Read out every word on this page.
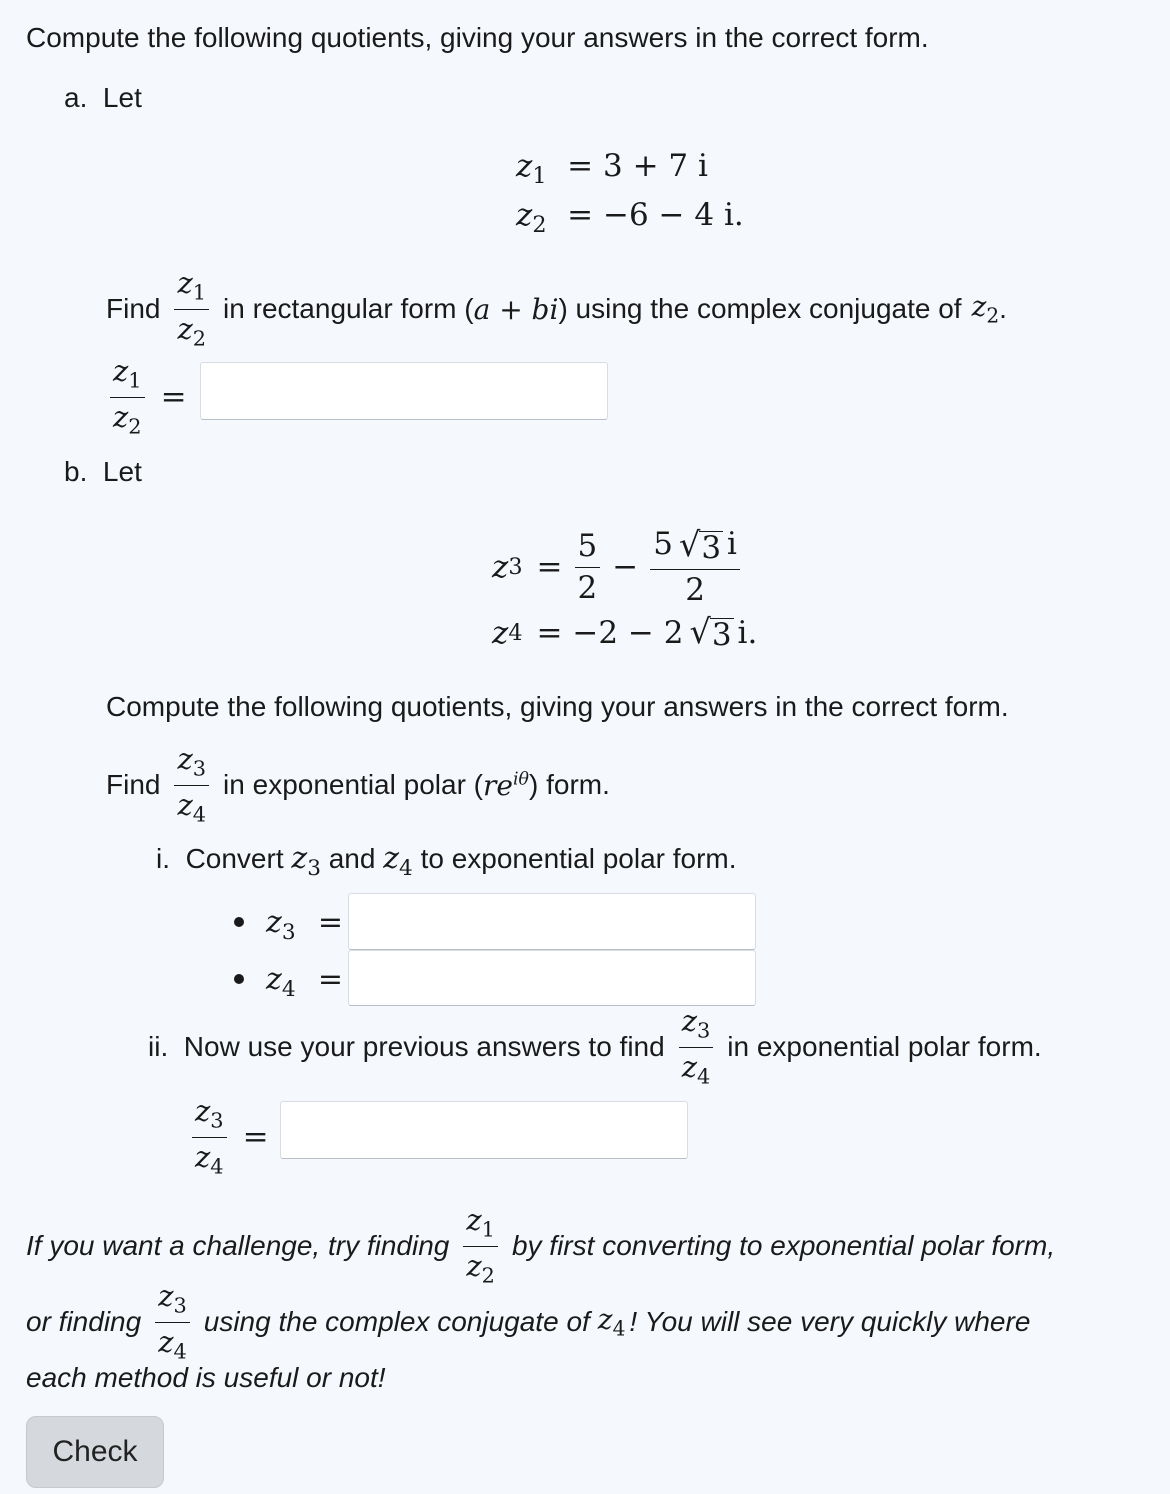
Compute the following quotients, giving your answers in the correct form.
a. Let
$z_1 = 3 + 7$ i
$z_2 = -6 - 4$ i.
Find $\frac{z_1}{z_2}$ in rectangular form ( a + bi ) using the complex conjugate of $z_2$ .
$\frac{z_1}{z_2}$ =
b. Let
z $3 = \frac{5}{2} - \frac{5 √ 3 i}{2}$
z 4 = −2 − 2 √ 3 i.
Compute the following quotients, giving your answers in the correct form.
Find $\frac{z_3}{z_4}$ in exponential polar ( $re^{i\theta}$ ) form.
i. Convert $z_3$ and $z_4$ to exponential polar form.
$z_3$ =
$z_4$ =
ii.
Now use your previous answers to find $\frac{z_3}{z_4}$ in exponential polar form.
$\frac{z_3}{z_4}$ =
If you want a challenge, try finding $\frac{z_1}{z_2}$ by first converting to exponential polar form,
or finding $\frac{z_3}{z_4}$ using the complex conjugate of $z_4$ ! You will see very quickly where
each method is useful or not!
Check
